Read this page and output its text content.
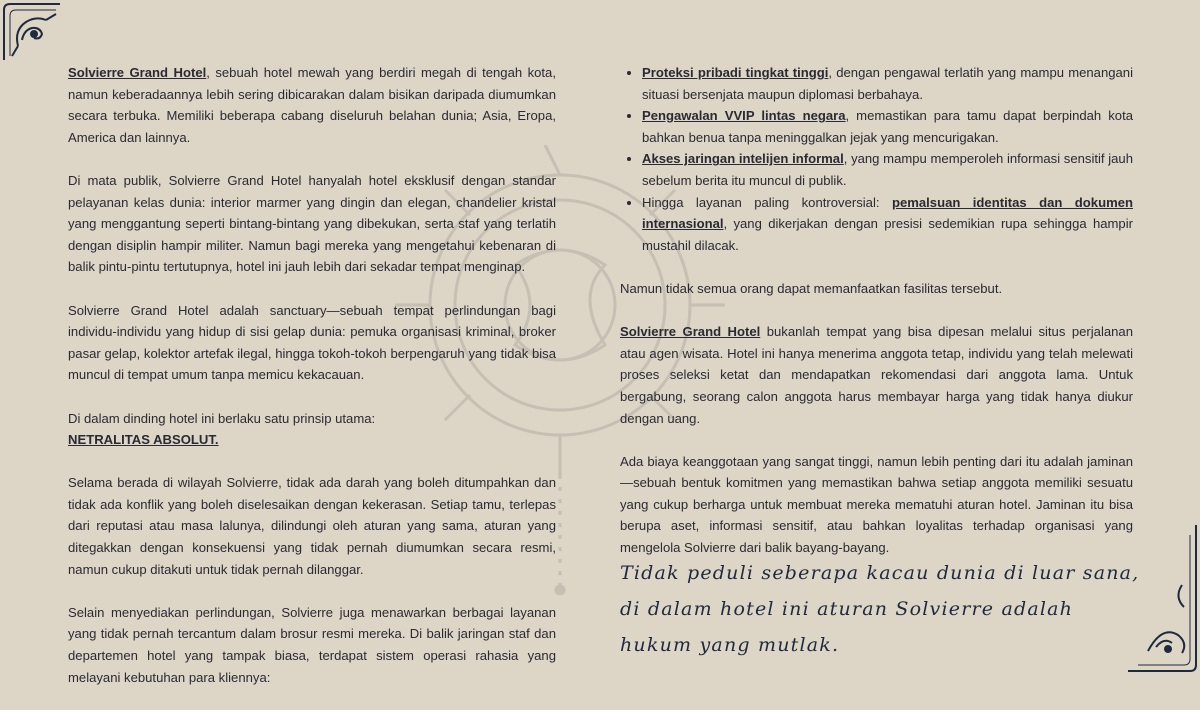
Solvierre Grand Hotel, sebuah hotel mewah yang berdiri megah di tengah kota, namun keberadaannya lebih sering dibicarakan dalam bisikan daripada diumumkan secara terbuka. Memiliki beberapa cabang diseluruh belahan dunia; Asia, Eropa, America dan lainnya.

Di mata publik, Solvierre Grand Hotel hanyalah hotel eksklusif dengan standar pelayanan kelas dunia: interior marmer yang dingin dan elegan, chandelier kristal yang menggantung seperti bintang-bintang yang dibekukan, serta staf yang terlatih dengan disiplin hampir militer. Namun bagi mereka yang mengetahui kebenaran di balik pintu-pintu tertutupnya, hotel ini jauh lebih dari sekadar tempat menginap.

Solvierre Grand Hotel adalah sanctuary—sebuah tempat perlindungan bagi individu-individu yang hidup di sisi gelap dunia: pemuka organisasi kriminal, broker pasar gelap, kolektor artefak ilegal, hingga tokoh-tokoh berpengaruh yang tidak bisa muncul di tempat umum tanpa memicu kekacauan.

Di dalam dinding hotel ini berlaku satu prinsip utama:
NETRALITAS ABSOLUT.

Selama berada di wilayah Solvierre, tidak ada darah yang boleh ditumpahkan dan tidak ada konflik yang boleh diselesaikan dengan kekerasan. Setiap tamu, terlepas dari reputasi atau masa lalunya, dilindungi oleh aturan yang sama, aturan yang ditegakkan dengan konsekuensi yang tidak pernah diumumkan secara resmi, namun cukup ditakuti untuk tidak pernah dilanggar.

Selain menyediakan perlindungan, Solvierre juga menawarkan berbagai layanan yang tidak pernah tercantum dalam brosur resmi mereka. Di balik jaringan staf dan departemen hotel yang tampak biasa, terdapat sistem operasi rahasia yang melayani kebutuhan para kliennya:

• Proteksi pribadi tingkat tinggi, dengan pengawal terlatih yang mampu menangani situasi bersenjata maupun diplomasi berbahaya.
• Pengawalan VVIP lintas negara, memastikan para tamu dapat berpindah kota bahkan benua tanpa meninggalkan jejak yang mencurigakan.
• Akses jaringan intelijen informal, yang mampu memperoleh informasi sensitif jauh sebelum berita itu muncul di publik.
• Hingga layanan paling kontroversial: pemalsuan identitas dan dokumen internasional, yang dikerjakan dengan presisi sedemikian rupa sehingga hampir mustahil dilacak.

Namun tidak semua orang dapat memanfaatkan fasilitas tersebut.

Solvierre Grand Hotel bukanlah tempat yang bisa dipesan melalui situs perjalanan atau agen wisata. Hotel ini hanya menerima anggota tetap, individu yang telah melewati proses seleksi ketat dan mendapatkan rekomendasi dari anggota lama. Untuk bergabung, seorang calon anggota harus membayar harga yang tidak hanya diukur dengan uang.

Ada biaya keanggotaan yang sangat tinggi, namun lebih penting dari itu adalah jaminan—sebuah bentuk komitmen yang memastikan bahwa setiap anggota memiliki sesuatu yang cukup berharga untuk membuat mereka mematuhi aturan hotel. Jaminan itu bisa berupa aset, informasi sensitif, atau bahkan loyalitas terhadap organisasi yang mengelola Solvierre dari balik bayang-bayang.

Tidak peduli seberapa kacau dunia di luar sana, di dalam hotel ini aturan Solvierre adalah hukum yang mutlak.
